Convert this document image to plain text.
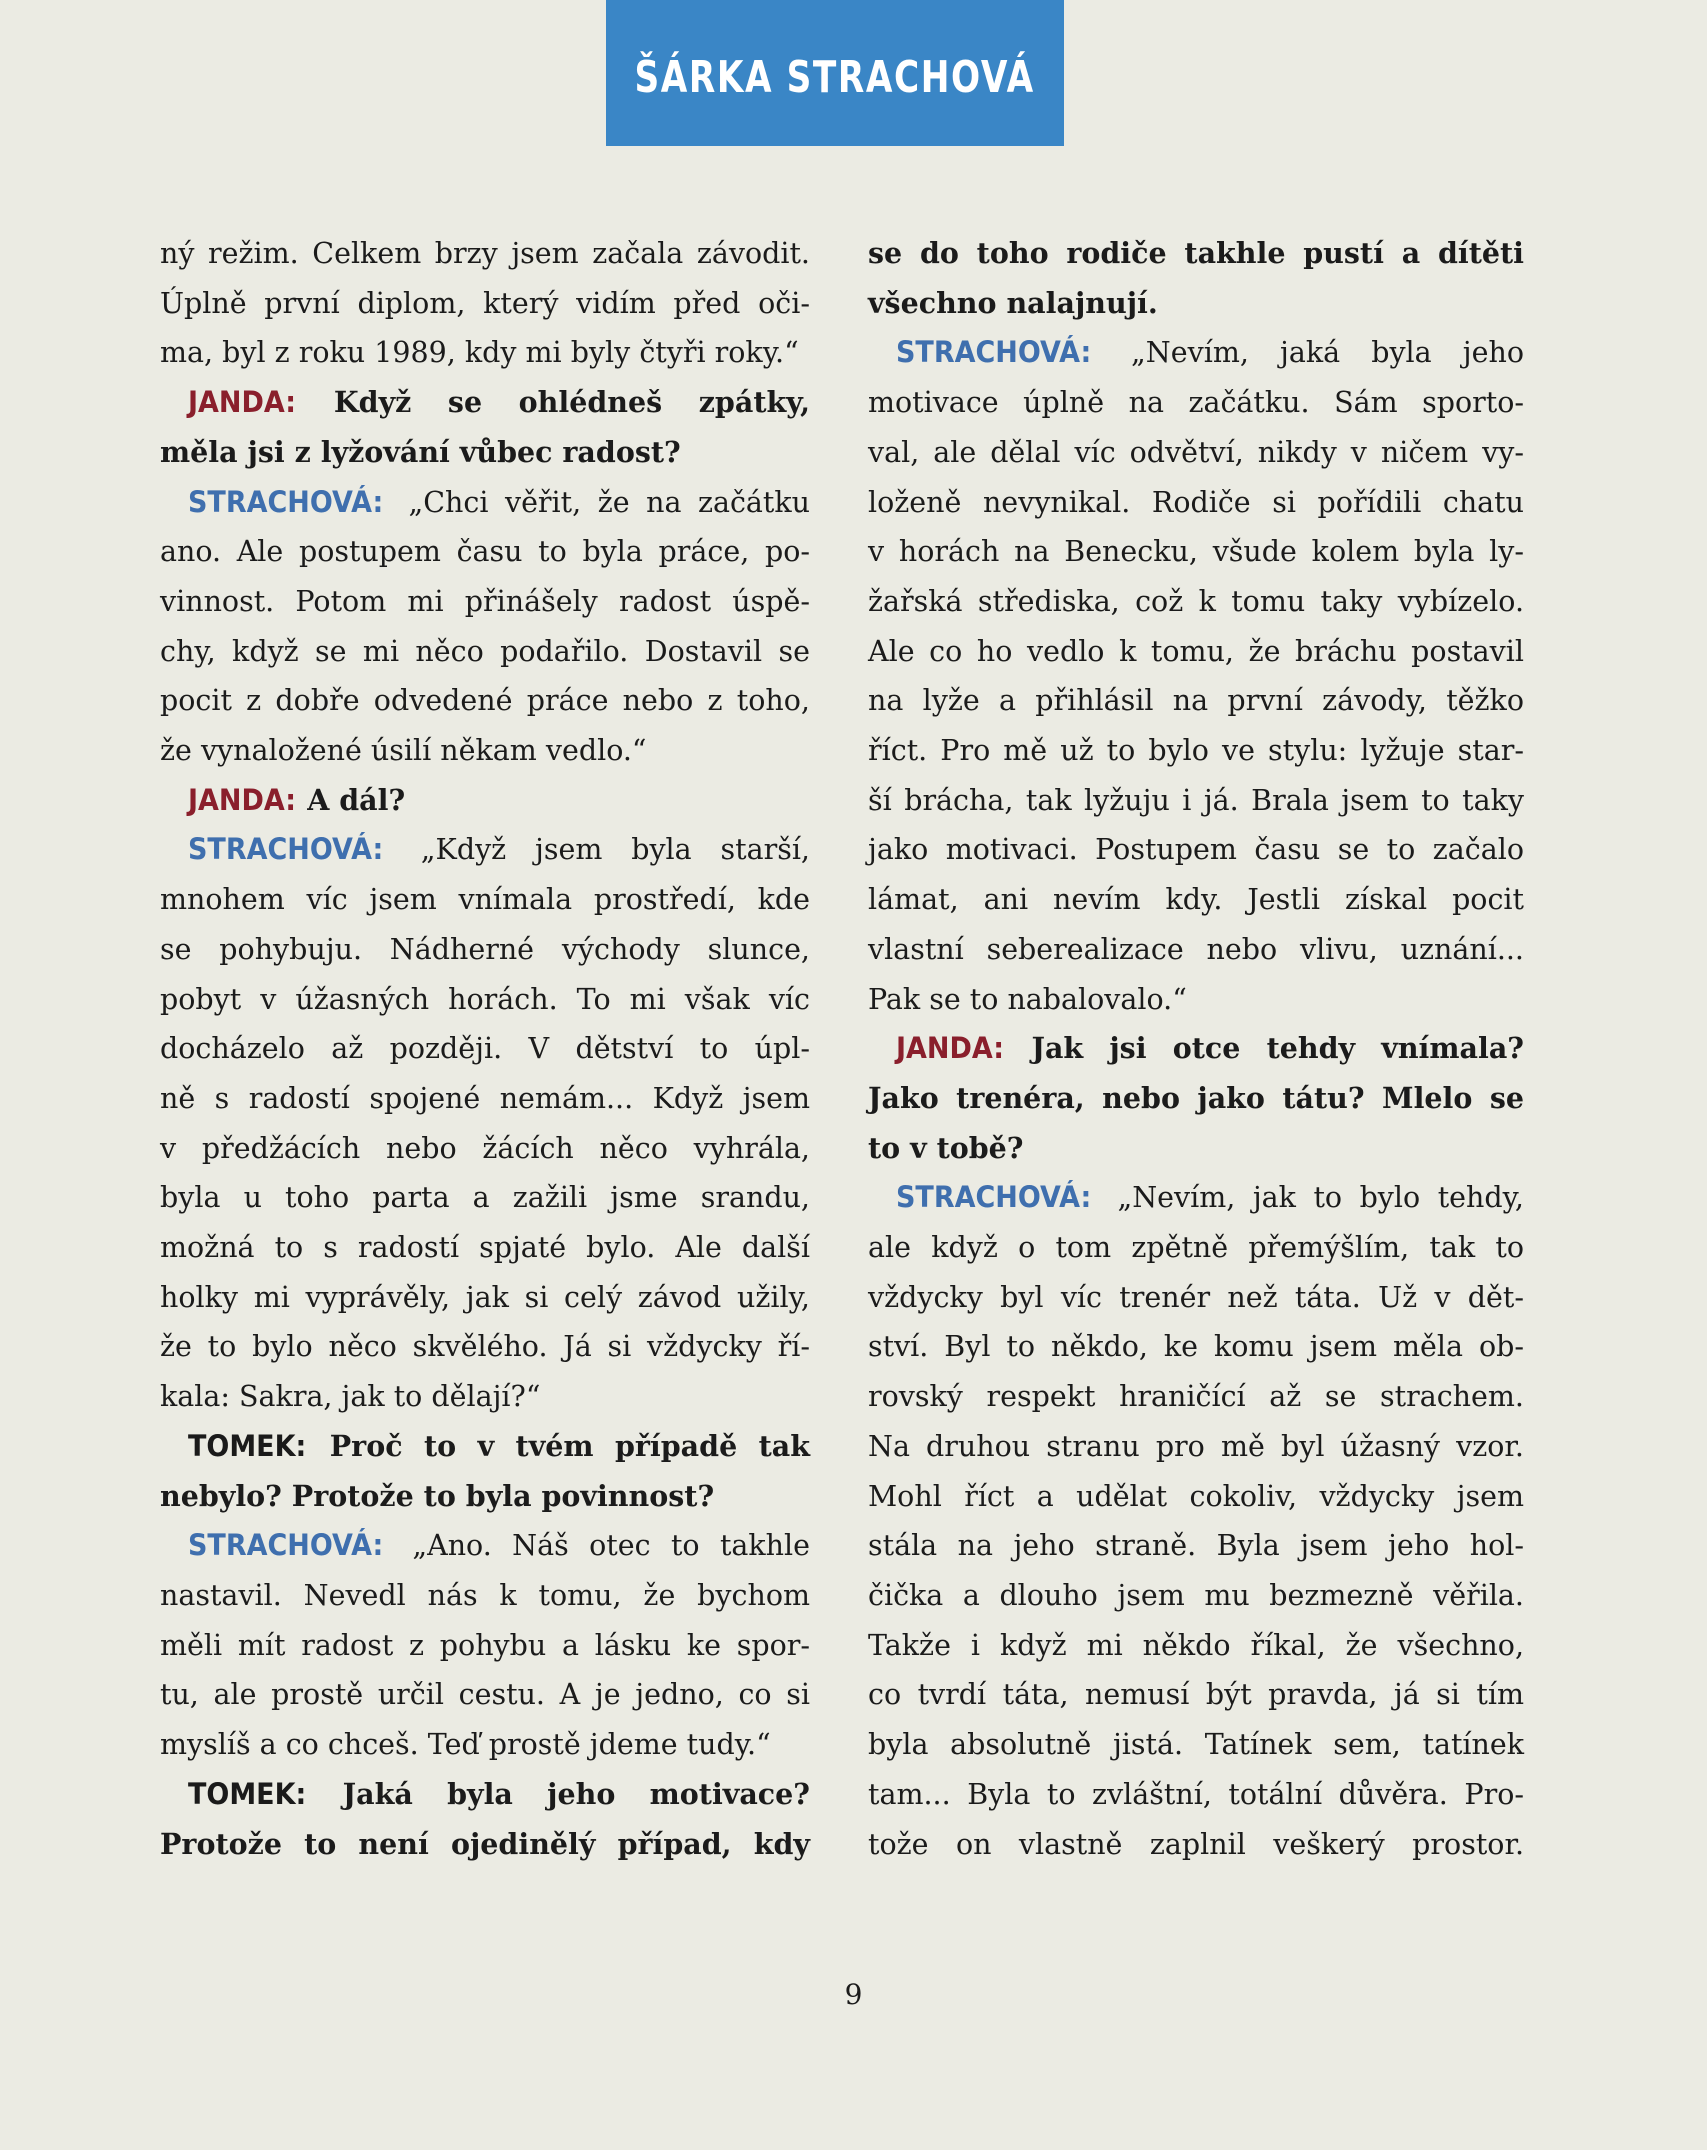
ŠÁRKA STRACHOVÁ
ný režim. Celkem brzy jsem začala závodit.
Úplně první diplom, který vidím před oči-
ma, byl z roku 1989, kdy mi byly čtyři roky.“
JANDA: Když se ohlédneš zpátky,
měla jsi z lyžování vůbec radost?
STRACHOVÁ: „Chci věřit, že na začátku
ano. Ale postupem času to byla práce, po-
vinnost. Potom mi přinášely radost úspě-
chy, když se mi něco podařilo. Dostavil se
pocit z dobře odvedené práce nebo z toho,
že vynaložené úsilí někam vedlo.“
JANDA: A dál?
STRACHOVÁ: „Když jsem byla starší,
mnohem víc jsem vnímala prostředí, kde
se pohybuju. Nádherné východy slunce,
pobyt v úžasných horách. To mi však víc
docházelo až později. V dětství to úpl-
ně s radostí spojené nemám... Když jsem
v předžácích nebo žácích něco vyhrála,
byla u toho parta a zažili jsme srandu,
možná to s radostí spjaté bylo. Ale další
holky mi vyprávěly, jak si celý závod užily,
že to bylo něco skvělého. Já si vždycky ří-
kala: Sakra, jak to dělají?“
TOMEK: Proč to v tvém případě tak
nebylo? Protože to byla povinnost?
STRACHOVÁ: „Ano. Náš otec to takhle
nastavil. Nevedl nás k tomu, že bychom
měli mít radost z pohybu a lásku ke spor-
tu, ale prostě určil cestu. A je jedno, co si
myslíš a co chceš. Teď prostě jdeme tudy.“
TOMEK: Jaká byla jeho motivace?
Protože to není ojedinělý případ, kdy
se do toho rodiče takhle pustí a dítěti
všechno nalajnují.
STRACHOVÁ: „Nevím, jaká byla jeho
motivace úplně na začátku. Sám sporto-
val, ale dělal víc odvětví, nikdy v ničem vy-
loženě nevynikal. Rodiče si pořídili chatu
v horách na Benecku, všude kolem byla ly-
žařská střediska, což k tomu taky vybízelo.
Ale co ho vedlo k tomu, že bráchu postavil
na lyže a přihlásil na první závody, těžko
říct. Pro mě už to bylo ve stylu: lyžuje star-
ší brácha, tak lyžuju i já. Brala jsem to taky
jako motivaci. Postupem času se to začalo
lámat, ani nevím kdy. Jestli získal pocit
vlastní seberealizace nebo vlivu, uznání...
Pak se to nabalovalo.“
JANDA: Jak jsi otce tehdy vnímala?
Jako trenéra, nebo jako tátu? Mlelo se
to v tobě?
STRACHOVÁ: „Nevím, jak to bylo tehdy,
ale když o tom zpětně přemýšlím, tak to
vždycky byl víc trenér než táta. Už v dět-
ství. Byl to někdo, ke komu jsem měla ob-
rovský respekt hraničící až se strachem.
Na druhou stranu pro mě byl úžasný vzor.
Mohl říct a udělat cokoliv, vždycky jsem
stála na jeho straně. Byla jsem jeho hol-
čička a dlouho jsem mu bezmezně věřila.
Takže i když mi někdo říkal, že všechno,
co tvrdí táta, nemusí být pravda, já si tím
byla absolutně jistá. Tatínek sem, tatínek
tam... Byla to zvláštní, totální důvěra. Pro-
tože on vlastně zaplnil veškerý prostor.
9
